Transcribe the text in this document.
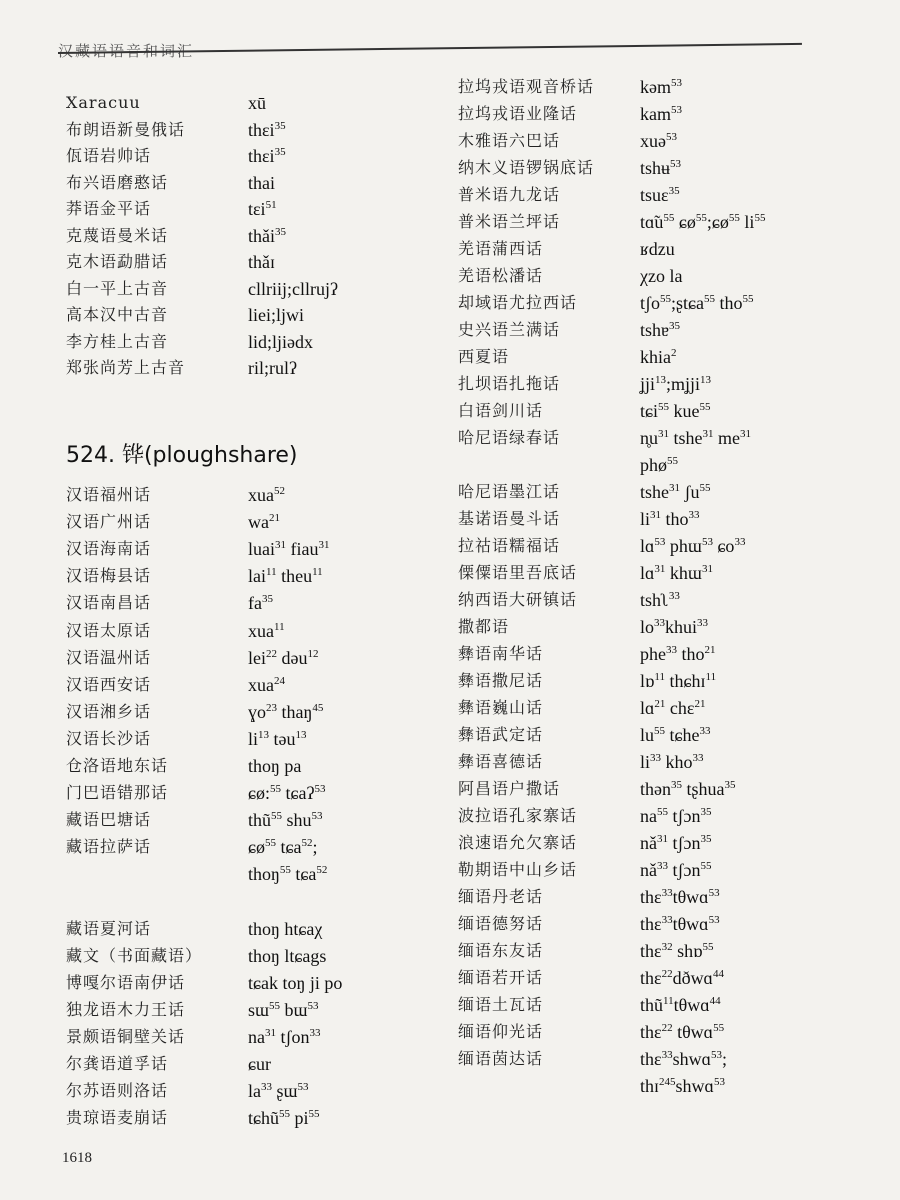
汉藏语语音和词汇
Xaracuu	xū
布朗语新曼俄话	thɛi$^{35}$
佤语岩帅话	thɛi$^{35}$
布兴语磨憨话	thai
莽语金平话	tɛi$^{51}$
克蔑语曼米话	thǎi$^{35}$
克木语勐腊话	thǎɪ
白一平上古音	cllriij;cllrujʔ
高本汉中古音	liei;ljwi
李方桂上古音	lid;ljiədx
郑张尚芳上古音	ril;rulʔ
524. 铧(ploughshare)
汉语福州话	xua$^{52}$
汉语广州话	$wa^{21}$
汉语海南话	luai$^{31}$ fiau$^{31}$
汉语梅县话	lai$^{11}$ theu$^{11}$
汉语南昌话	$fa^{35}$
汉语太原话	xua$^{11}$
汉语温州话	lei$^{22}$ dəu$^{12}$
汉语西安话	xua$^{24}$
汉语湘乡话	ɣo$^{23}$ thaŋ$^{45}$
汉语长沙话	$li^{13}$ təu$^{13}$
仓洛语地东话	thoŋ pa
门巴语错那话	ɕø:$^{55}$ tɕaʔ$^{53}$
藏语巴塘话	thũ$^{55}$ shu$^{53}$
藏语拉萨话	ɕø$^{55}$ tɕa$^{52}$;
thoŋ$^{55}$ tɕa$^{52}$
藏语夏河话	thoŋ htɕaχ
藏文（书面藏语）	thoŋ ltɕags
博嘎尔语南伊话	tɕak toŋ ji po
独龙语木力王话	sɯ$^{55}$ bɯ$^{53}$
景颇语铜壁关话	$na^{31}$ tʃon$^{33}$
尔龚语道孚话	ɕur
尔苏语则洛话	$la^{33}$ ʂɯ$^{53}$
贵琼语麦崩话	tɕhũ$^{55}$ $pi^{55}$
拉坞戎语观音桥话	kəm$^{53}$
拉坞戎语业隆话	kam$^{53}$
木雅语六巴话	xuə$^{53}$
纳木义语锣锅底话	tshʉ$^{53}$
普米语九龙话	tsuɛ$^{35}$
普米语兰坪话	$tɑ̃u^{55}$ ɕø$^{55}$;ɕø$^{55}$ $li^{55}$
羌语蒲西话	ʁdzu
羌语松潘话	χzo la
却域语尤拉西话	tʃo$^{55}$;ʂtɕa$^{55}$ tho$^{55}$
史兴语兰满话	tshɐ$^{35}$
西夏语	khia$^2$
扎坝语扎拖话	ʝji$^{13}$;mʝji$^{13}$
白语剑川话	tɕi$^{55}$ kue$^{55}$
哈尼语绿春话	$n̥u^{31}$ tshe$^{31}$ $me^{31}$
phø$^{55}$
哈尼语墨江话	tshe$^{31}$ ʃu$^{55}$
基诺语曼斗话	$li^{31}$ tho$^{33}$
拉祜语糯福话	lɑ$^{53}$ phɯ$^{53}$ ɕo$^{33}$
傈僳语里吾底话	lɑ$^{31}$ khɯ$^{31}$
纳西语大研镇话	tshʅ$^{33}$
撒都语	$lo^{33}khui^{33}$
彝语南华话	phe$^{33}$ tho$^{21}$
彝语撒尼话	lɒ$^{11}$ thɕhɪ$^{11}$
彝语巍山话	lɑ$^{21}$ chɛ$^{21}$
彝语武定话	$lu^{55}$ tɕhe$^{33}$
彝语喜德话	$li^{33}$ kho$^{33}$
阿昌语户撒话	thən$^{35}$ tʂhua$^{35}$
波拉语孔家寨话	$na^{55}$ tʃɔn$^{35}$
浪速语允欠寨话	$nǎ^{31}$ tʃɔn$^{35}$
勒期语中山乡话	$nǎ^{33}$ tʃɔn$^{55}$
缅语丹老话	thɛ$^{33}$tθwɑ$^{53}$
缅语德努话	thɛ$^{33}$tθwɑ$^{53}$
缅语东友话	thɛ$^{32}$ shɒ$^{55}$
缅语若开话	thɛ$^{22}$dðwɑ$^{44}$
缅语土瓦话	thũ$^{11}$tθwɑ$^{44}$
缅语仰光话	thɛ$^{22}$ tθwɑ$^{55}$
缅语茵达话	thɛ$^{33}$shwɑ$^{53}$;
thɪ$^{245}$shwɑ$^{53}$
1618
